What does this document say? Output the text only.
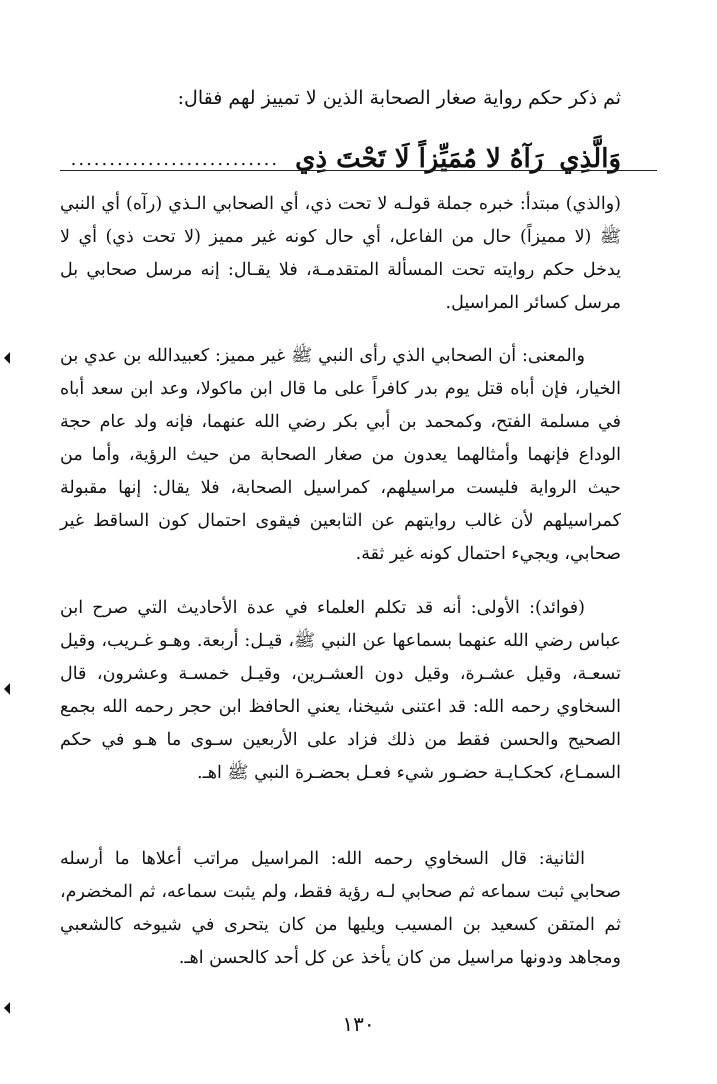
ثم ذكر حكم رواية صغار الصحابة الذين لا تمييز لهم فقال:
وَالَّذِي
رَآهُ لا مُمَيِّزاً لَا تَحْتَ ذِي
...........................
(والذي) مبتدأ: خبره جملة قولـه لا تحت ذي، أي الصحابي الـذي (رآه) أي النبي ﷺ (لا مميزاً) حال من الفاعل، أي حال كونه غير مميز (لا تحت ذي) أي لا يدخل حكم روايته تحت المسألة المتقدمـة، فلا يقـال: إنه مرسل صحابي بل مرسل كسائر المراسيل.
والمعنى: أن الصحابي الذي رأى النبي ﷺ غير مميز: كعبيدالله بن عدي بن الخيار، فإن أباه قتل يوم بدر كافراً على ما قال ابن ماكولا، وعد ابن سعد أباه في مسلمة الفتح، وكمحمد بن أبي بكر رضي الله عنهما، فإنه ولد عام حجة الوداع فإنهما وأمثالهما يعدون من صغار الصحابة من حيث الرؤية، وأما من حيث الرواية فليست مراسيلهم، كمراسيل الصحابة، فلا يقال: إنها مقبولة كمراسيلهم لأن غالب روايتهم عن التابعين فيقوى احتمال كون الساقط غير صحابي، ويجيء احتمال كونه غير ثقة.
(فوائد): الأولى: أنه قد تكلم العلماء في عدة الأحاديث التي صرح ابن عباس رضي الله عنهما بسماعها عن النبي ﷺ، قيـل: أربعة. وهـو غـريب، وقيل تسعـة، وقيل عشـرة، وقيل دون العشـرين، وقيـل خمسـة وعشرون، قال السخاوي رحمه الله: قد اعتنى شيخنا، يعني الحافظ ابن حجر رحمه الله بجمع الصحيح والحسن فقط من ذلك فزاد على الأربعين سـوى ما هـو في حكم السمـاع، كحكـايـة حضـور شيء فعـل بحضـرة النبي ﷺ اهـ.
الثانية: قال السخاوي رحمه الله: المراسيل مراتب أعلاها ما أرسله صحابي ثبت سماعه ثم صحابي لـه رؤية فقط، ولم يثبت سماعه، ثم المخضرم، ثم المتقن كسعيد بن المسيب ويليها من كان يتحرى في شيوخه كالشعبي ومجاهد ودونها مراسيل من كان يأخذ عن كل أحد كالحسن اهـ.
١٣٠
